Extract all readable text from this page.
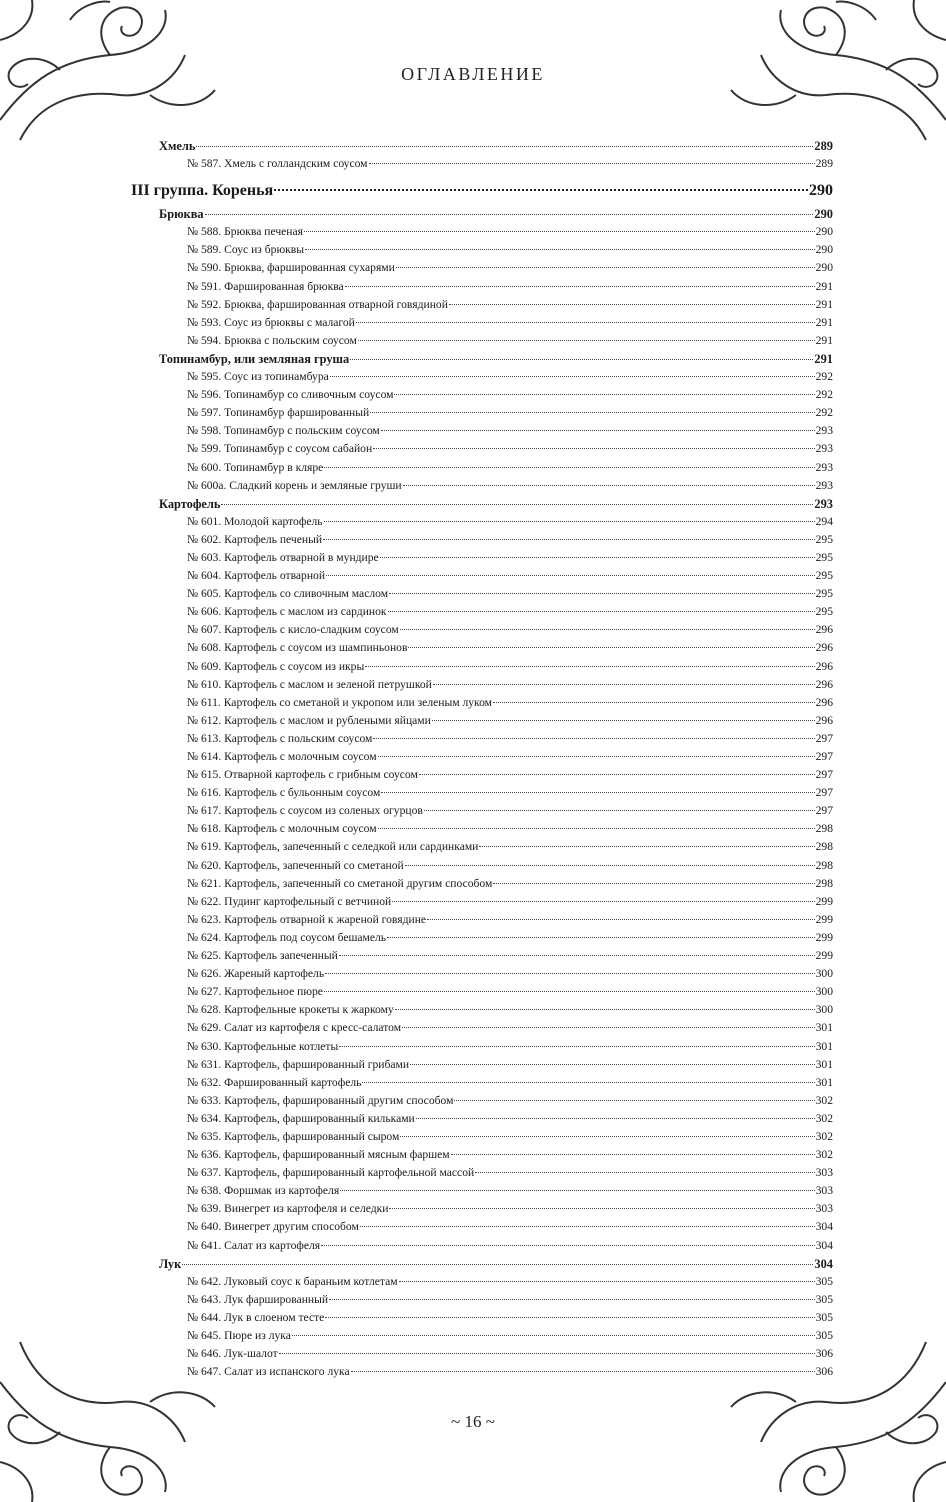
ОГЛАВЛЕНИЕ
Хмель	289
№ 587. Хмель с голландским соусом	289
III группа. Коренья	290
Брюква	290
№ 588. Брюква печеная	290
№ 589. Соус из брюквы	290
№ 590. Брюква, фаршированная сухарями	290
№ 591. Фаршированная брюква	291
№ 592. Брюква, фаршированная отварной говядиной	291
№ 593. Соус из брюквы с малагой	291
№ 594. Брюква с польским соусом	291
Топинамбур, или земляная груша	291
№ 595. Соус из топинамбура	292
№ 596. Топинамбур со сливочным соусом	292
№ 597. Топинамбур фаршированный	292
№ 598. Топинамбур с польским соусом	293
№ 599. Топинамбур с соусом сабайон	293
№ 600. Топинамбур в кляре	293
№ 600а. Сладкий корень и земляные груши	293
Картофель	293
№ 601. Молодой картофель	294
№ 602. Картофель печеный	295
№ 603. Картофель отварной в мундире	295
№ 604. Картофель отварной	295
№ 605. Картофель со сливочным маслом	295
№ 606. Картофель с маслом из сардинок	295
№ 607. Картофель с кисло-сладким соусом	296
№ 608. Картофель с соусом из шампиньонов	296
№ 609. Картофель с соусом из икры	296
№ 610. Картофель с маслом и зеленой петрушкой	296
№ 611. Картофель со сметаной и укропом или зеленым луком	296
№ 612. Картофель с маслом и рублеными яйцами	296
№ 613. Картофель с польским соусом	297
№ 614. Картофель с молочным соусом	297
№ 615. Отварной картофель с грибным соусом	297
№ 616. Картофель с бульонным соусом	297
№ 617. Картофель с соусом из соленых огурцов	297
№ 618. Картофель с молочным соусом	298
№ 619. Картофель, запеченный с селедкой или сардинками	298
№ 620. Картофель, запеченный со сметаной	298
№ 621. Картофель, запеченный со сметаной другим способом	298
№ 622. Пудинг картофельный с ветчиной	299
№ 623. Картофель отварной к жареной говядине	299
№ 624. Картофель под соусом бешамель	299
№ 625. Картофель запеченный	299
№ 626. Жареный картофель	300
№ 627. Картофельное пюре	300
№ 628. Картофельные крокеты к жаркому	300
№ 629. Салат из картофеля с кресс-салатом	301
№ 630. Картофельные котлеты	301
№ 631. Картофель, фаршированный грибами	301
№ 632. Фаршированный картофель	301
№ 633. Картофель, фаршированный другим способом	302
№ 634. Картофель, фаршированный кильками	302
№ 635. Картофель, фаршированный сыром	302
№ 636. Картофель, фаршированный мясным фаршем	302
№ 637. Картофель, фаршированный картофельной массой	303
№ 638. Форшмак из картофеля	303
№ 639. Винегрет из картофеля и селедки	303
№ 640. Винегрет другим способом	304
№ 641. Салат из картофеля	304
Лук	304
№ 642. Луковый соус к бараньим котлетам	305
№ 643. Лук фаршированный	305
№ 644. Лук в слоеном тесте	305
№ 645. Пюре из лука	305
№ 646. Лук-шалот	306
№ 647. Салат из испанского лука	306
~ 16 ~
